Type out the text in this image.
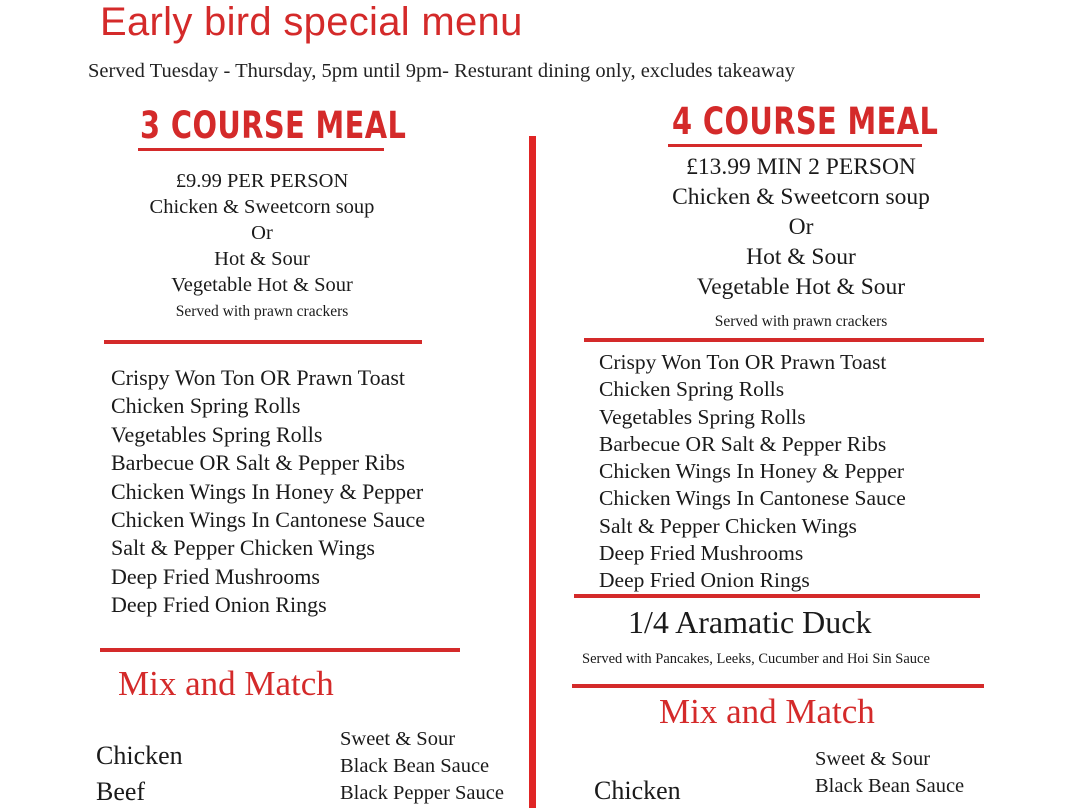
Early bird special menu
Served Tuesday - Thursday, 5pm until 9pm- Resturant dining only, excludes takeaway
3 COURSE MEAL
£9.99 PER PERSON
Chicken & Sweetcorn soup
Or
Hot & Sour
Vegetable Hot & Sour
Served with prawn crackers
Crispy Won Ton OR Prawn Toast
Chicken Spring Rolls
Vegetables Spring Rolls
Barbecue OR Salt & Pepper Ribs
Chicken Wings In Honey & Pepper
Chicken Wings In Cantonese Sauce
Salt & Pepper Chicken Wings
Deep Fried Mushrooms
Deep Fried Onion Rings
Mix and Match
Chicken
Beef
Sweet & Sour
Black Bean Sauce
Black Pepper Sauce
4 COURSE MEAL
£13.99 MIN 2 PERSON
Chicken & Sweetcorn soup
Or
Hot & Sour
Vegetable Hot & Sour
Served with prawn crackers
Crispy Won Ton OR Prawn Toast
Chicken Spring Rolls
Vegetables Spring Rolls
Barbecue OR Salt & Pepper Ribs
Chicken Wings In Honey & Pepper
Chicken Wings In Cantonese Sauce
Salt & Pepper Chicken Wings
Deep Fried Mushrooms
Deep Fried Onion Rings
1/4 Aramatic Duck
Served with Pancakes, Leeks, Cucumber and Hoi Sin Sauce
Mix and Match
Chicken
Sweet & Sour
Black Bean Sauce
